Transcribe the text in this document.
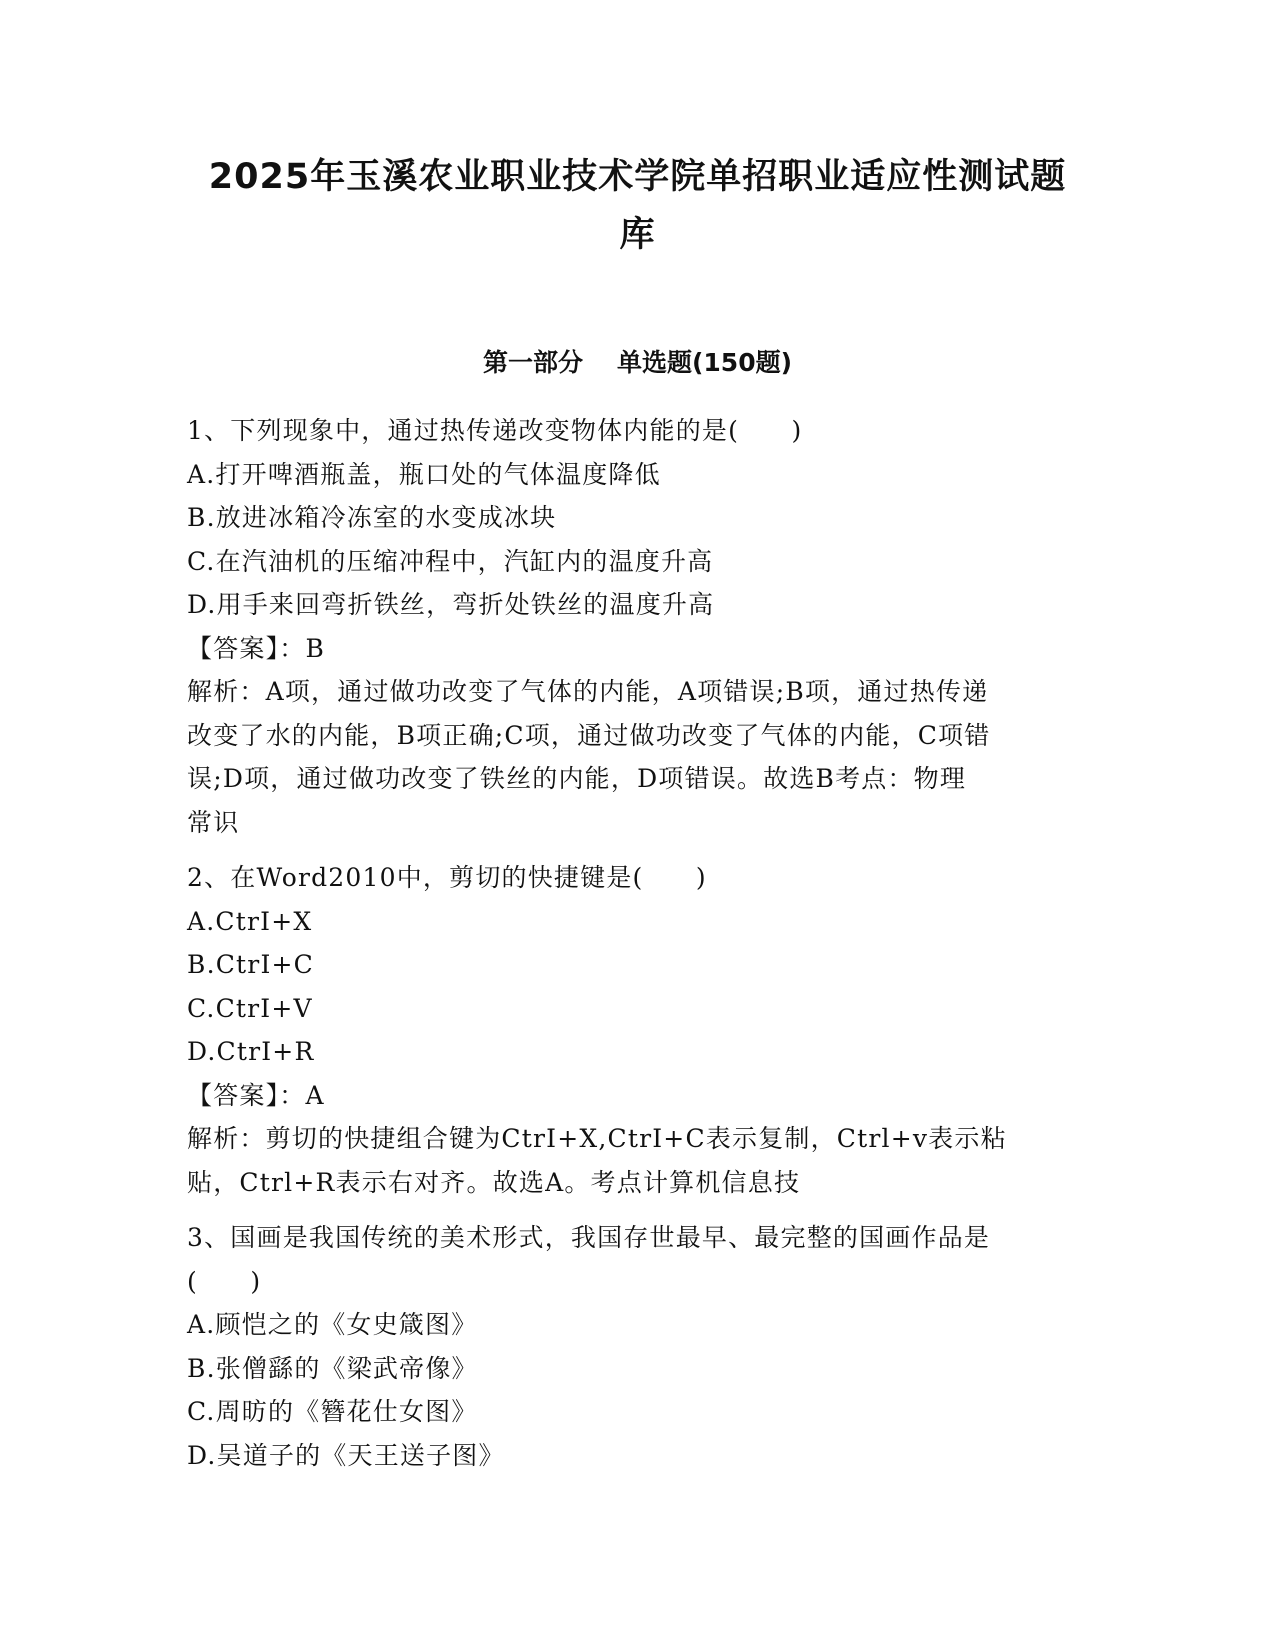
2025年玉溪农业职业技术学院单招职业适应性测试题
库
第一部分 单选题(150题)

1、下列现象中，通过热传递改变物体内能的是(　　)

A.打开啤酒瓶盖，瓶口处的气体温度降低

B.放进冰箱冷冻室的水变成冰块

C.在汽油机的压缩冲程中，汽缸内的温度升高

D.用手来回弯折铁丝，弯折处铁丝的温度升高

【答案】：B

解析：A项，通过做功改变了气体的内能，A项错误;B项，通过热传递

改变了水的内能，B项正确;C项，通过做功改变了气体的内能，C项错

误;D项，通过做功改变了铁丝的内能，D项错误。故选B考点：物理

常识

2、在Word2010中，剪切的快捷键是(　　)

A.CtrI+X

B.CtrI+C

C.CtrI+V

D.CtrI+R

【答案】：A

解析：剪切的快捷组合键为CtrI+X,CtrI+C表示复制，Ctrl+v表示粘

贴，Ctrl+R表示右对齐。故选A。考点计算机信息技

3、国画是我国传统的美术形式，我国存世最早、最完整的国画作品是

(　　)

A.顾恺之的《女史箴图》

B.张僧繇的《梁武帝像》

C.周昉的《簪花仕女图》

D.吴道子的《天王送子图》
